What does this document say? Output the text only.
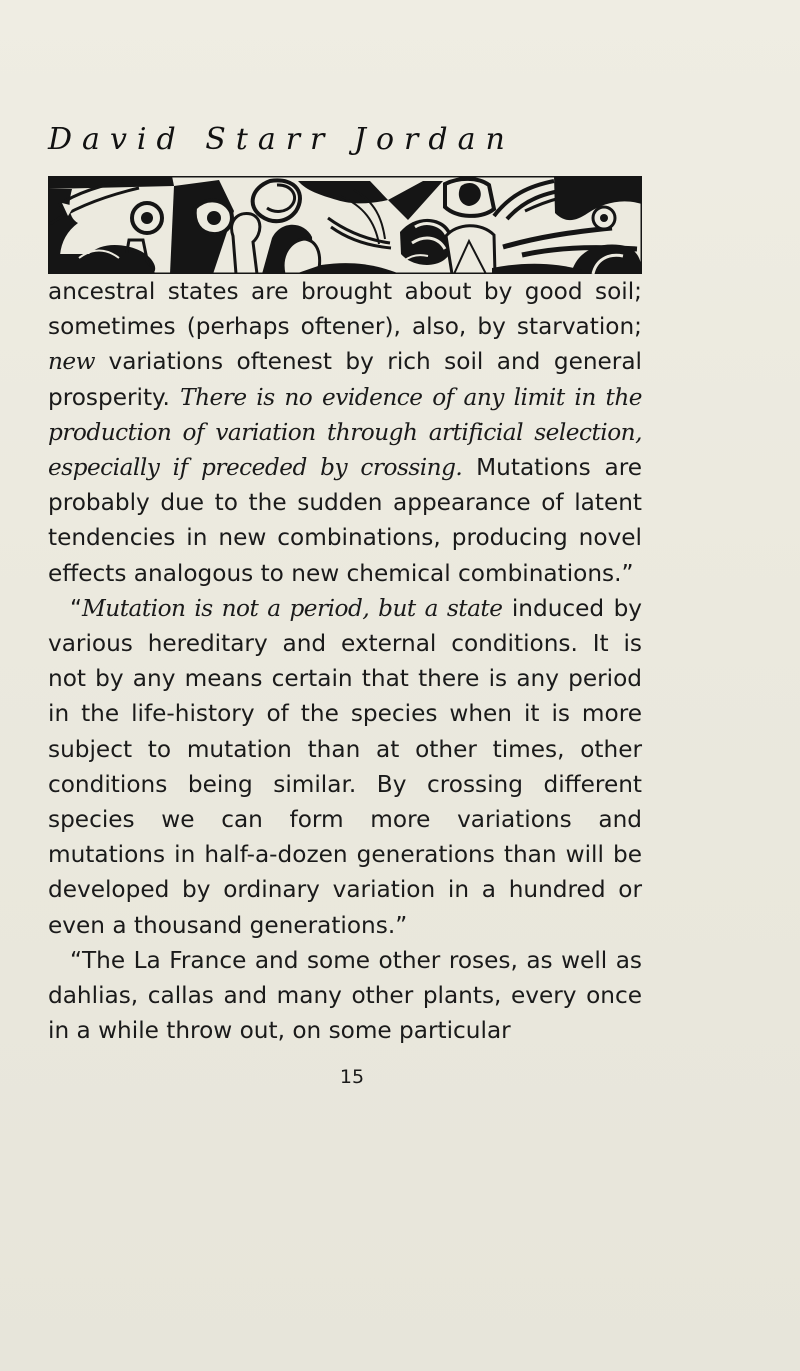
David Starr Jordan

ancestral states are brought about by good soil; sometimes (perhaps oftener), also, by starvation; new variations oftenest by rich soil and general prosperity. There is no evidence of any limit in the production of variation through artificial selection, especially if preceded by crossing. Mutations are probably due to the sudden appearance of latent tendencies in new combinations, producing novel effects analogous to new chemical combinations.”

“Mutation is not a period, but a state induced by various hereditary and external conditions. It is not by any means certain that there is any period in the life-history of the species when it is more subject to mutation than at other times, other conditions being similar. By crossing different species we can form more variations and mutations in half-a-dozen generations than will be developed by ordinary variation in a hundred or even a thousand generations.”

“The La France and some other roses, as well as dahlias, callas and many other plants, every once in a while throw out, on some particular

15
